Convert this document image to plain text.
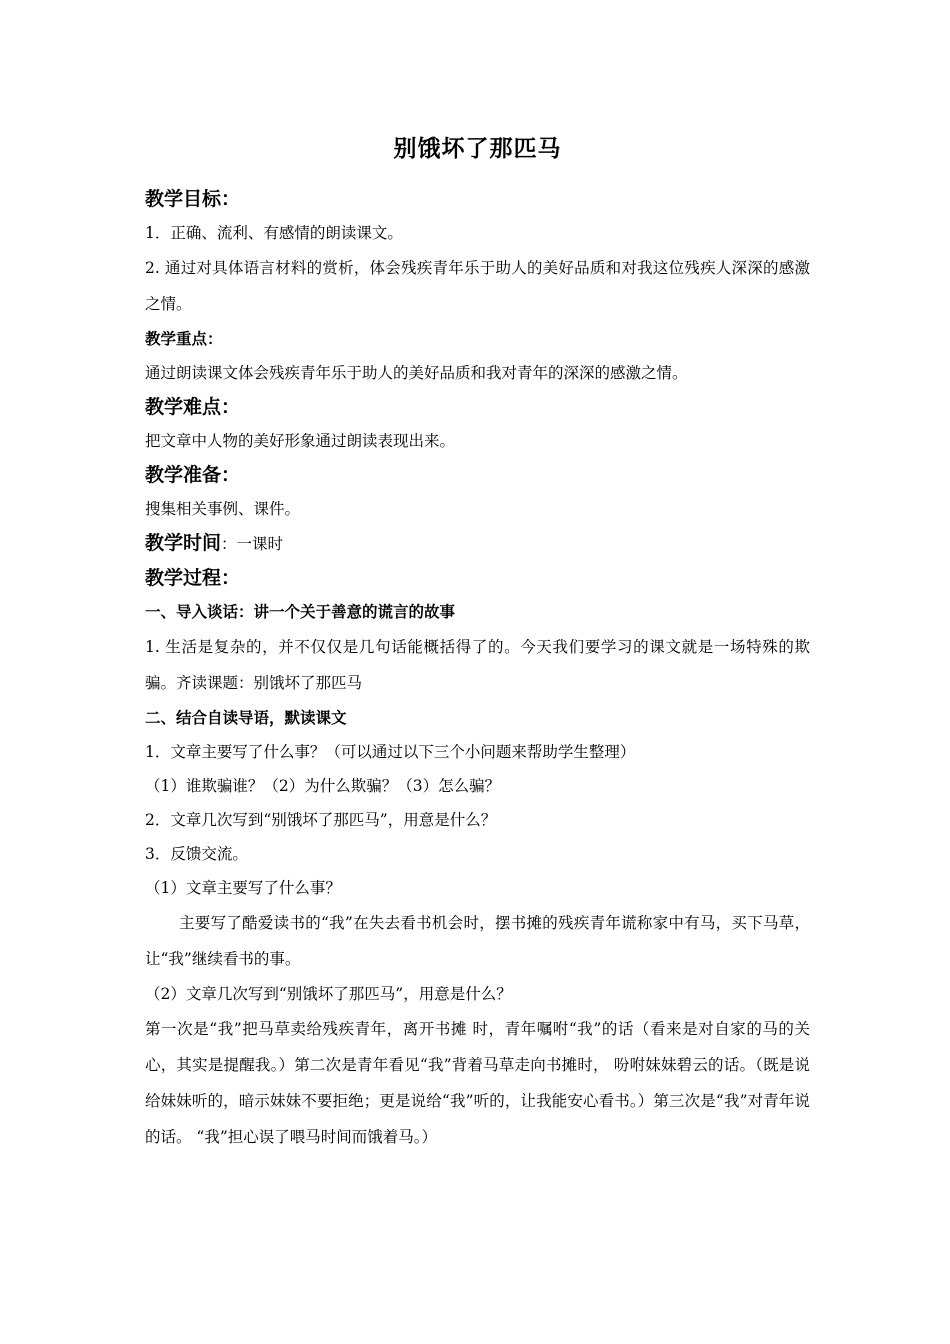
别饿坏了那匹马
教学目标：
1．正确、流利、有感情的朗读课文。
2. 通过对具体语言材料的赏析，体会残疾青年乐于助人的美好品质和对我这位残疾人深深的感激之情。
教学重点：
通过朗读课文体会残疾青年乐于助人的美好品质和我对青年的深深的感激之情。
教学难点：
把文章中人物的美好形象通过朗读表现出来。
教学准备：
搜集相关事例、课件。
教学时间：一课时
教学过程：
一、导入谈话：讲一个关于善意的谎言的故事
1. 生活是复杂的，并不仅仅是几句话能概括得了的。今天我们要学习的课文就是一场特殊的欺骗。齐读课题：别饿坏了那匹马
二、结合自读导语，默读课文
1．文章主要写了什么事？（可以通过以下三个小问题来帮助学生整理）
（1）谁欺骗谁？（2）为什么欺骗？（3）怎么骗？
2．文章几次写到“别饿坏了那匹马”，用意是什么？
3．反馈交流。
（1）文章主要写了什么事？
主要写了酷爱读书的“我”在失去看书机会时，摆书摊的残疾青年谎称家中有马，买下马草，让“我”继续看书的事。
（2）文章几次写到“别饿坏了那匹马”，用意是什么？
第一次是“我”把马草卖给残疾青年，离开书摊 时，青年嘱咐“我”的话（看来是对自家的马的关心，其实是提醒我。）第二次是青年看见“我”背着马草走向书摊时， 吩咐妹妹碧云的话。（既是说给妹妹听的，暗示妹妹不要拒绝；更是说给“我”听的，让我能安心看书。）第三次是“我”对青年说的话。 “我”担心误了喂马时间而饿着马。）
